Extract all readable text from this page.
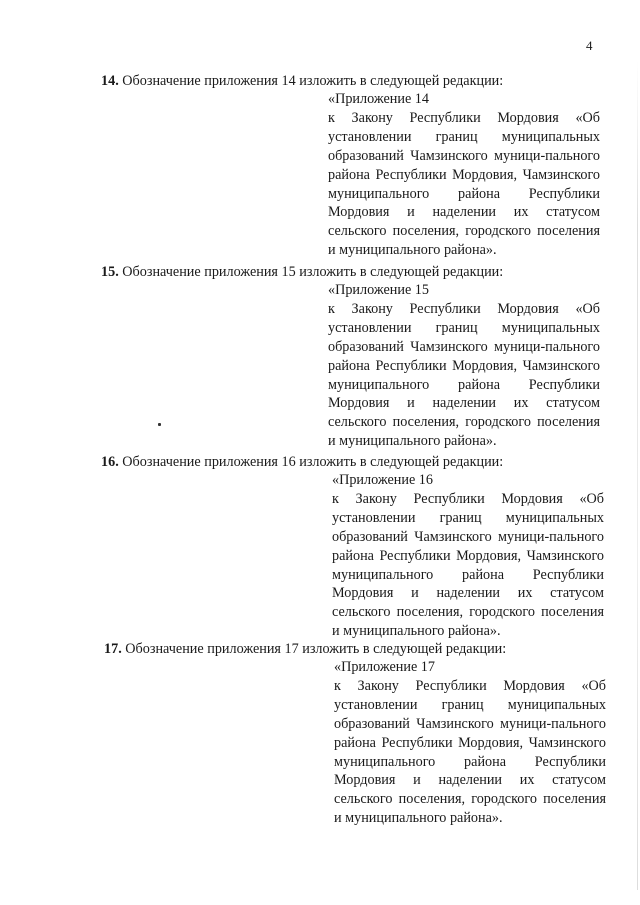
4
14. Обозначение приложения 14 изложить в следующей редакции:
«Приложение 14
к Закону Республики Мордовия «Об установлении границ муниципальных образований Чамзинского муници-пального района Республики Мордовия, Чамзинского муниципального района Республики Мордовия и наделении их статусом сельского поселения, городского поселения и муниципального района».
15. Обозначение приложения 15 изложить в следующей редакции:
«Приложение 15
к Закону Республики Мордовия «Об установлении границ муниципальных образований Чамзинского муници-пального района Республики Мордовия, Чамзинского муниципального района Республики Мордовия и наделении их статусом сельского поселения, городского поселения и муниципального района».
16. Обозначение приложения 16 изложить в следующей редакции:
«Приложение 16
к Закону Республики Мордовия «Об установлении границ муниципальных образований Чамзинского муници-пального района Республики Мордовия, Чамзинского муниципального района Республики Мордовия и наделении их статусом сельского поселения, городского поселения и муниципального района».
17. Обозначение приложения 17 изложить в следующей редакции:
«Приложение 17
к Закону Республики Мордовия «Об установлении границ муниципальных образований Чамзинского муници-пального района Республики Мордовия, Чамзинского муниципального района Республики Мордовия и наделении их статусом сельского поселения, городского поселения и муниципального района».
